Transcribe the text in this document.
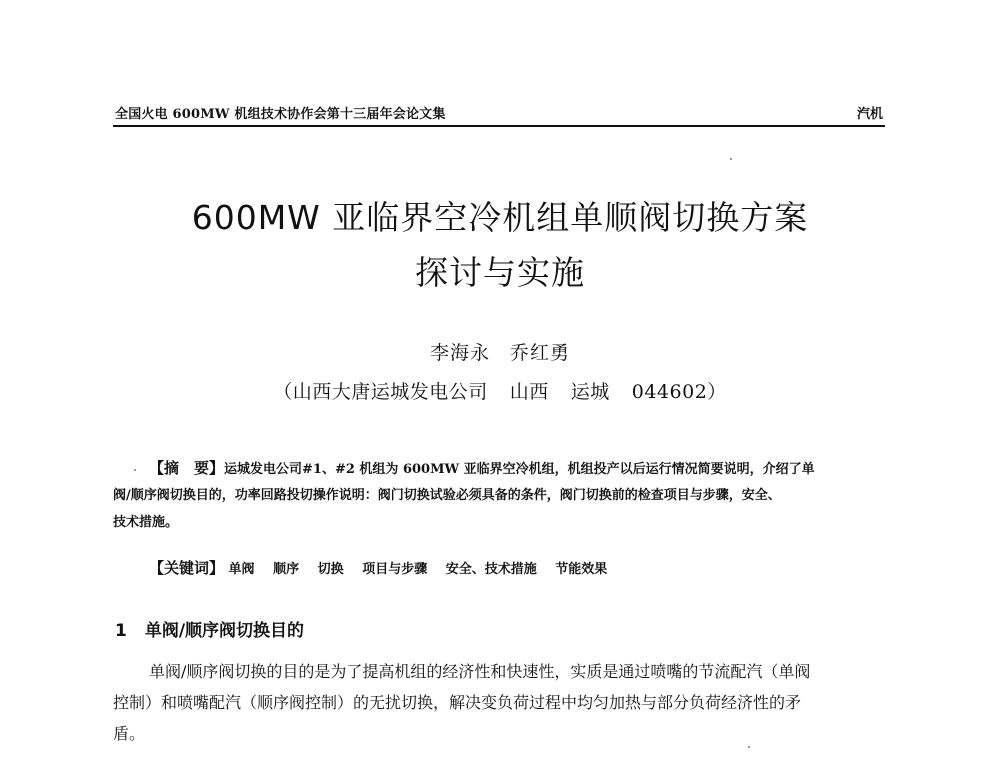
全国火电 600MW 机组技术协作会第十三届年会论文集	汽机
600MW 亚临界空冷机组单顺阀切换方案
探讨与实施
李海永　乔红勇
（山西大唐运城发电公司 山西 运城 044602）
【摘　要】运城发电公司#1、#2 机组为 600MW 亚临界空冷机组，机组投产以后运行情况简要说明，介绍了单
阀/顺序阀切换目的，功率回路投切操作说明：阀门切换试验必须具备的条件，阀门切换前的检查项目与步骤，安全、
技术措施。
【关键词】 单阀 顺序 切换 项目与步骤 安全、技术措施 节能效果
1 单阀/顺序阀切换目的
单阀/顺序阀切换的目的是为了提高机组的经济性和快速性，实质是通过喷嘴的节流配汽（单阀
控制）和喷嘴配汽（顺序阀控制）的无扰切换，解决变负荷过程中均匀加热与部分负荷经济性的矛
盾。
